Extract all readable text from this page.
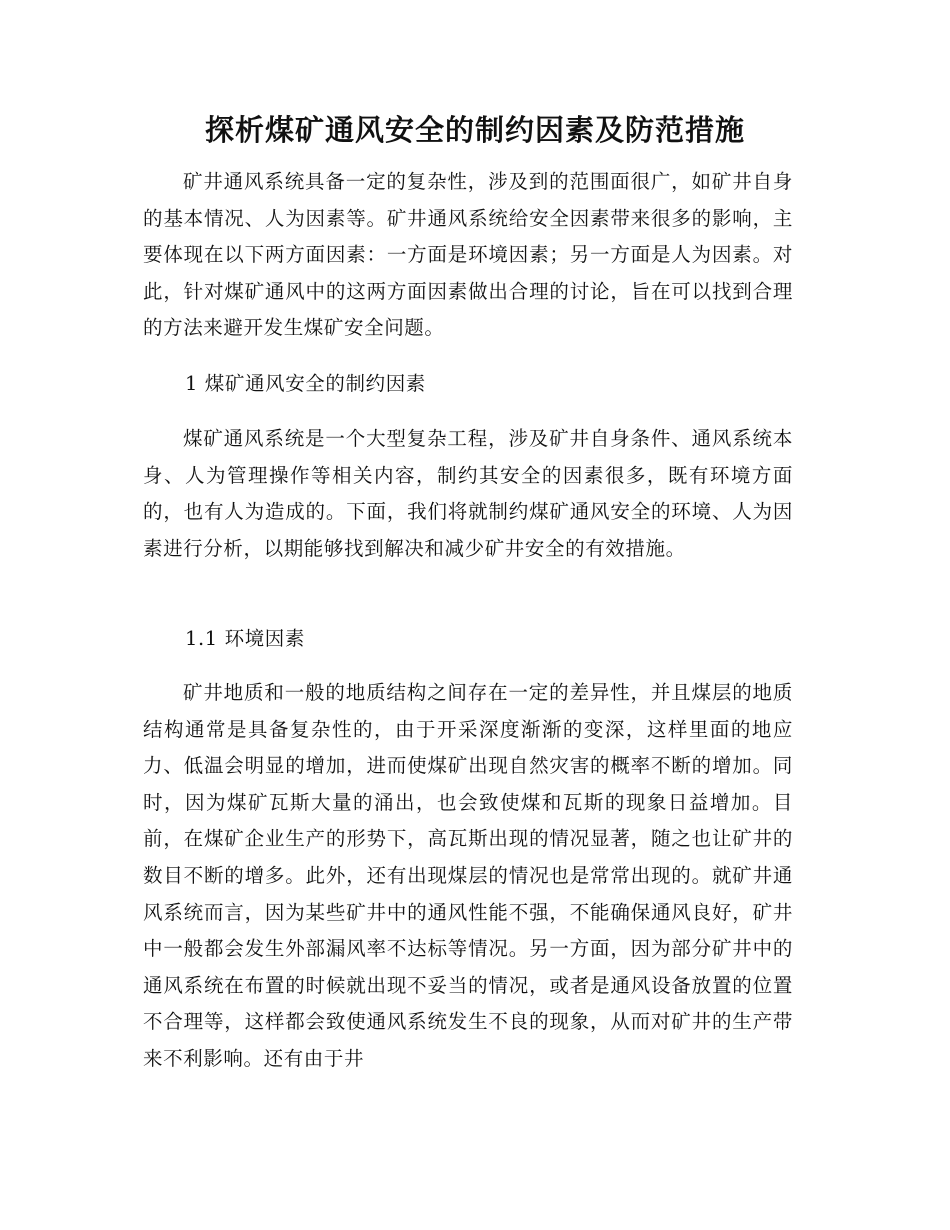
探析煤矿通风安全的制约因素及防范措施
矿井通风系统具备一定的复杂性，涉及到的范围面很广，如矿井自身的基本情况、人为因素等。矿井通风系统给安全因素带来很多的影响，主要体现在以下两方面因素：一方面是环境因素；另一方面是人为因素。对此，针对煤矿通风中的这两方面因素做出合理的讨论，旨在可以找到合理的方法来避开发生煤矿安全问题。
1 煤矿通风安全的制约因素
煤矿通风系统是一个大型复杂工程，涉及矿井自身条件、通风系统本身、人为管理操作等相关内容，制约其安全的因素很多，既有环境方面的，也有人为造成的。下面，我们将就制约煤矿通风安全的环境、人为因素进行分析，以期能够找到解决和减少矿井安全的有效措施。
1.1 环境因素
矿井地质和一般的地质结构之间存在一定的差异性，并且煤层的地质结构通常是具备复杂性的，由于开采深度渐渐的变深，这样里面的地应力、低温会明显的增加，进而使煤矿出现自然灾害的概率不断的增加。同时，因为煤矿瓦斯大量的涌出，也会致使煤和瓦斯的现象日益增加。目前，在煤矿企业生产的形势下，高瓦斯出现的情况显著，随之也让矿井的数目不断的增多。此外，还有出现煤层的情况也是常常出现的。就矿井通风系统而言，因为某些矿井中的通风性能不强，不能确保通风良好，矿井中一般都会发生外部漏风率不达标等情况。另一方面，因为部分矿井中的通风系统在布置的时候就出现不妥当的情况，或者是通风设备放置的位置不合理等，这样都会致使通风系统发生不良的现象，从而对矿井的生产带来不利影响。还有由于井
